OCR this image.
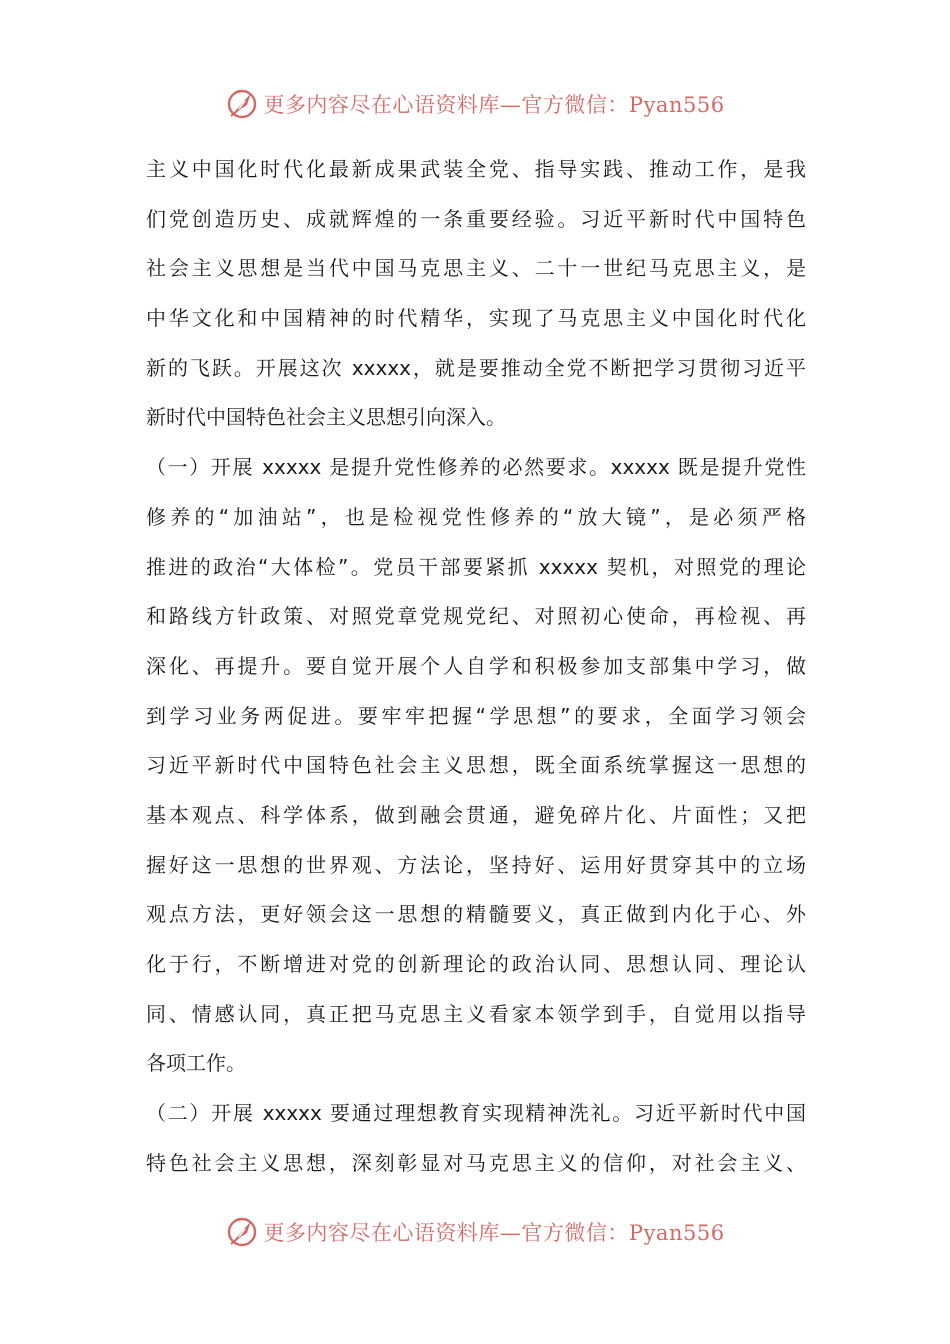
更多内容尽在心语资料库—官方微信：Pyan556
主义中国化时代化最新成果武装全党、指导实践、推动工作，是我
们党创造历史、成就辉煌的一条重要经验。习近平新时代中国特色
社会主义思想是当代中国马克思主义、二十一世纪马克思主义，是
中华文化和中国精神的时代精华，实现了马克思主义中国化时代化
新的飞跃。开展这次 xxxxx，就是要推动全党不断把学习贯彻习近平
新时代中国特色社会主义思想引向深入。
（一）开展 xxxxx 是提升党性修养的必然要求。xxxxx 既是提升党性
修养的“加油站”，也是检视党性修养的“放大镜”，是必须严格
推进的政治“大体检”。党员干部要紧抓 xxxxx 契机，对照党的理论
和路线方针政策、对照党章党规党纪、对照初心使命，再检视、再
深化、再提升。要自觉开展个人自学和积极参加支部集中学习，做
到学习业务两促进。要牢牢把握“学思想”的要求，全面学习领会
习近平新时代中国特色社会主义思想，既全面系统掌握这一思想的
基本观点、科学体系，做到融会贯通，避免碎片化、片面性；又把
握好这一思想的世界观、方法论，坚持好、运用好贯穿其中的立场
观点方法，更好领会这一思想的精髓要义，真正做到内化于心、外
化于行，不断增进对党的创新理论的政治认同、思想认同、理论认
同、情感认同，真正把马克思主义看家本领学到手，自觉用以指导
各项工作。
（二）开展 xxxxx 要通过理想教育实现精神洗礼。习近平新时代中国
特色社会主义思想，深刻彰显对马克思主义的信仰，对社会主义、
更多内容尽在心语资料库—官方微信：Pyan556
